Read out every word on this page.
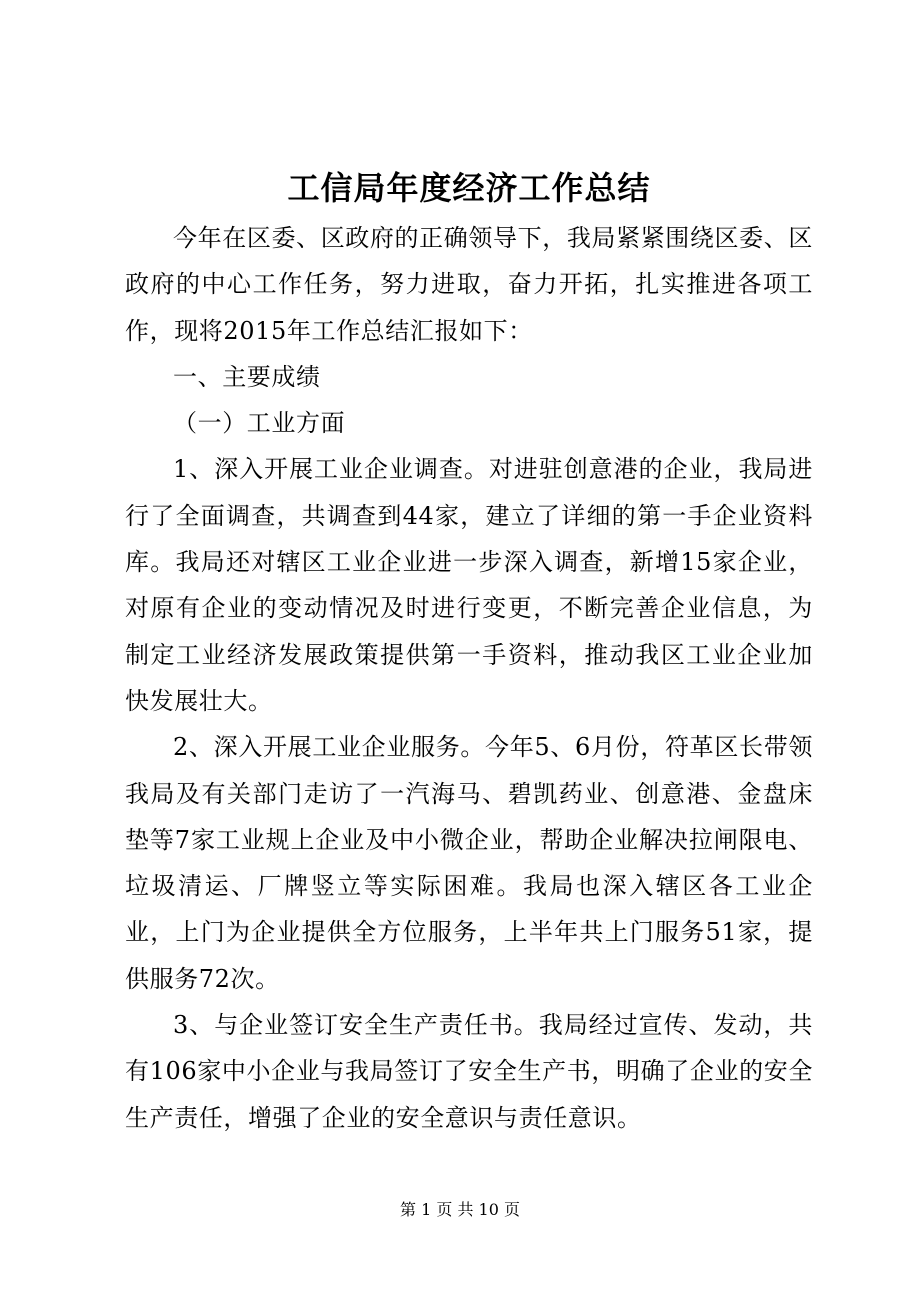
工信局年度经济工作总结

今年在区委、区政府的正确领导下，我局紧紧围绕区委、区政府的中心工作任务，努力进取，奋力开拓，扎实推进各项工作，现将2015年工作总结汇报如下：

一、主要成绩

（一）工业方面

1、深入开展工业企业调查。对进驻创意港的企业，我局进行了全面调查，共调查到44家，建立了详细的第一手企业资料库。我局还对辖区工业企业进一步深入调查，新增15家企业，对原有企业的变动情况及时进行变更，不断完善企业信息，为制定工业经济发展政策提供第一手资料，推动我区工业企业加快发展壮大。

2、深入开展工业企业服务。今年5、6月份，符革区长带领我局及有关部门走访了一汽海马、碧凯药业、创意港、金盘床垫等7家工业规上企业及中小微企业，帮助企业解决拉闸限电、垃圾清运、厂牌竖立等实际困难。我局也深入辖区各工业企业，上门为企业提供全方位服务，上半年共上门服务51家，提供服务72次。

3、与企业签订安全生产责任书。我局经过宣传、发动，共有106家中小企业与我局签订了安全生产书，明确了企业的安全生产责任，增强了企业的安全意识与责任意识。

第 1 页 共 10 页
